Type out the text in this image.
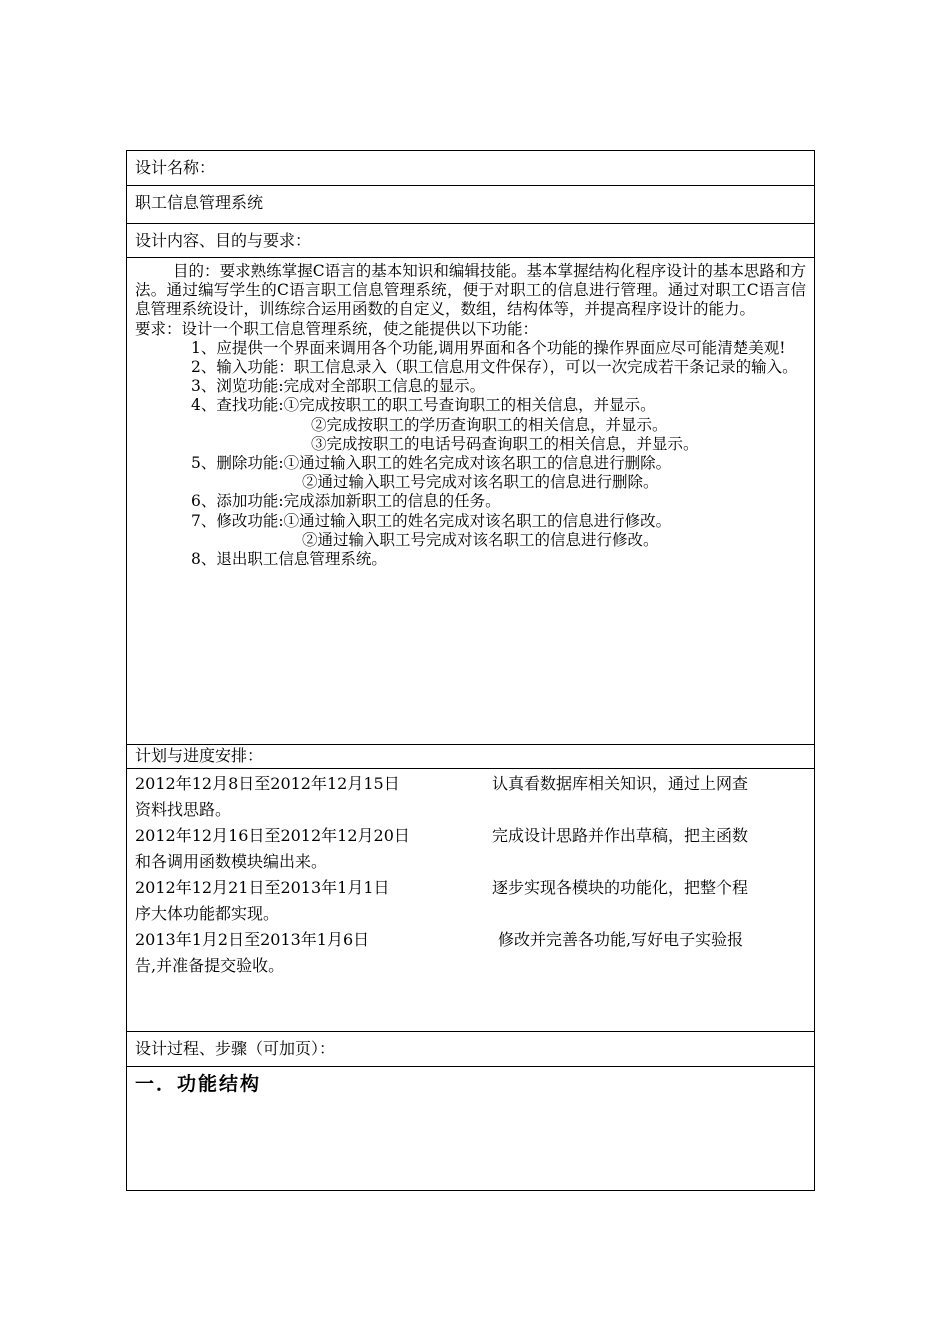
设计名称：
职工信息管理系统
设计内容、目的与要求：

目的：要求熟练掌握C语言的基本知识和编辑技能。基本掌握结构化程序设计的基本思路和方法。通过编写学生的C语言职工信息管理系统，便于对职工的信息进行管理。通过对职工C语言信息管理系统设计，训练综合运用函数的自定义，数组，结构体等，并提高程序设计的能力。

要求：设计一个职工信息管理系统，使之能提供以下功能：

1、应提供一个界面来调用各个功能,调用界面和各个功能的操作界面应尽可能清楚美观!

2、输入功能：职工信息录入（职工信息用文件保存），可以一次完成若干条记录的输入。

3、浏览功能:完成对全部职工信息的显示。

4、查找功能:①完成按职工的职工号查询职工的相关信息，并显示。

②完成按职工的学历查询职工的相关信息，并显示。

③完成按职工的电话号码查询职工的相关信息，并显示。

5、删除功能:①通过输入职工的姓名完成对该名职工的信息进行删除。

②通过输入职工号完成对该名职工的信息进行删除。

6、添加功能:完成添加新职工的信息的任务。

7、修改功能:①通过输入职工的姓名完成对该名职工的信息进行修改。

②通过输入职工号完成对该名职工的信息进行修改。

8、退出职工信息管理系统。

计划与进度安排：
2012年12月8日至2012年12月15日	认真看数据库相关知识，通过上网查
资料找思路。
2012年12月16日至2012年12月20日	完成设计思路并作出草稿，把主函数
和各调用函数模块编出来。
2012年12月21日至2013年1月1日	逐步实现各模块的功能化，把整个程
序大体功能都实现。
2013年1月2日至2013年1月6日	修改并完善各功能,写好电子实验报
告,并准备提交验收。
设计过程、步骤（可加页）：
一．功能结构
